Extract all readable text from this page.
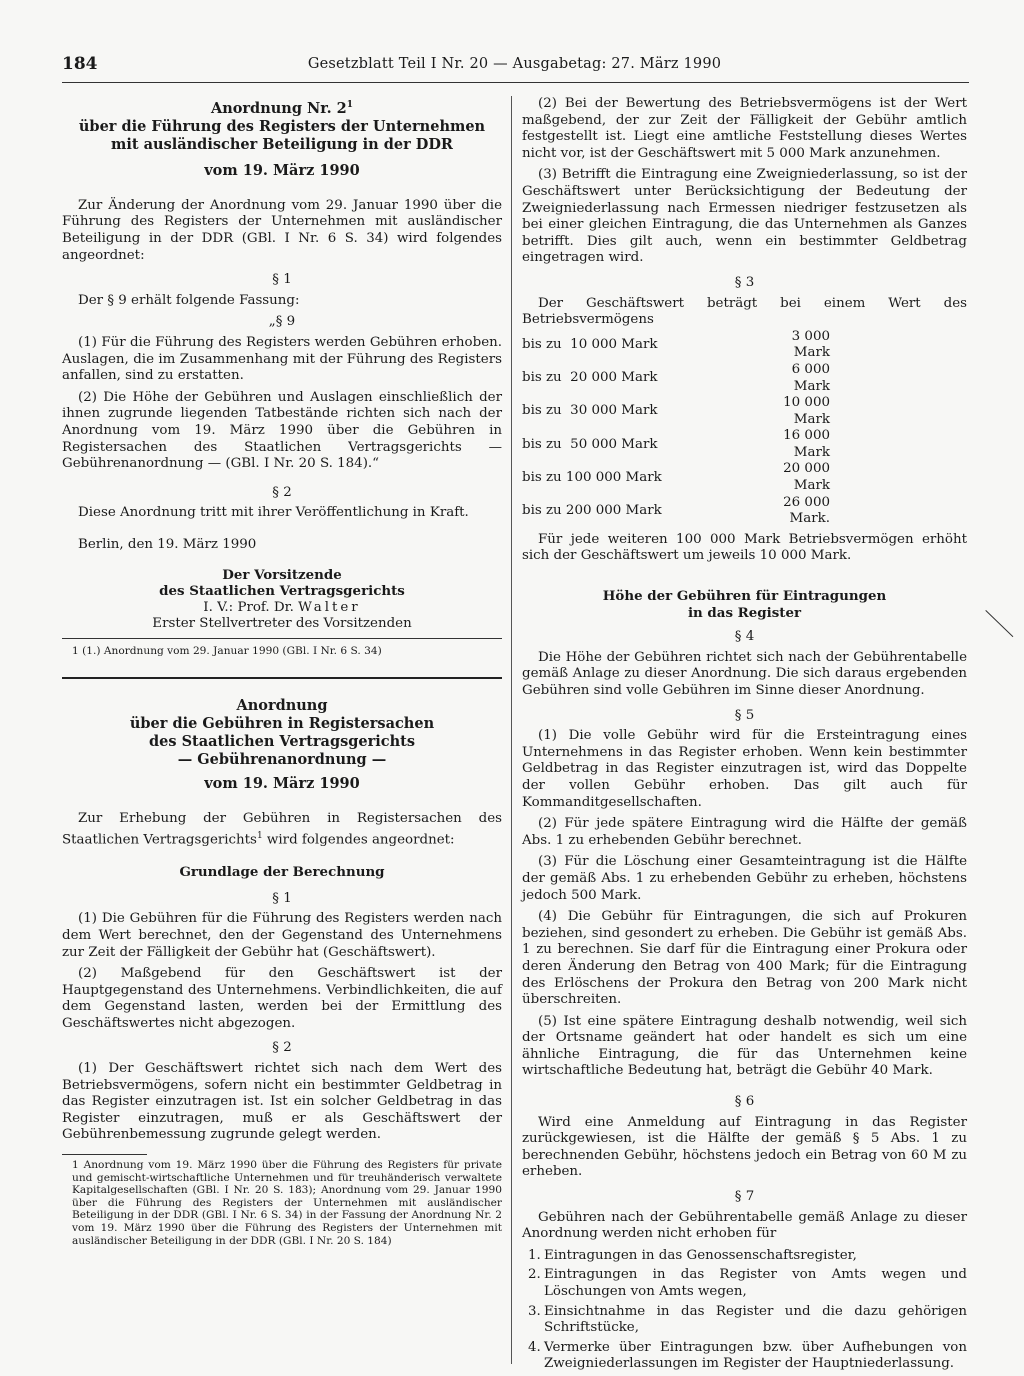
184	Gesetzblatt Teil I Nr. 20 — Ausgabetag: 27. März 1990

Anordnung Nr. $2^1$

über die Führung des Registers der Unternehmen

mit ausländischer Beteiligung in der DDR

vom 19. März 1990

Zur Änderung der Anordnung vom 29. Januar 1990 über die Führung des Registers der Unternehmen mit ausländischer Beteiligung in der DDR (GBl. I Nr. 6 S. 34) wird folgendes angeordnet:

§ 1

Der § 9 erhält folgende Fassung:

„§ 9

(1) Für die Führung des Registers werden Gebühren erhoben. Auslagen, die im Zusammenhang mit der Führung des Registers anfallen, sind zu erstatten.

(2) Die Höhe der Gebühren und Auslagen einschließlich der ihnen zugrunde liegenden Tatbestände richten sich nach der Anordnung vom 19. März 1990 über die Gebühren in Registersachen des Staatlichen Vertragsgerichts — Gebührenanordnung — (GBl. I Nr. 20 S. 184).“

§ 2

Diese Anordnung tritt mit ihrer Veröffentlichung in Kraft.

Berlin, den 19. März 1990

Der Vorsitzende

des Staatlichen Vertragsgerichts

I. V.: Prof. Dr. Walter

Erster Stellvertreter des Vorsitzenden

1 (1.) Anordnung vom 29. Januar 1990 (GBl. I Nr. 6 S. 34)

Anordnung

über die Gebühren in Registersachen

des Staatlichen Vertragsgerichts

— Gebührenanordnung —

vom 19. März 1990

Zur Erhebung der Gebühren in Registersachen des Staatlichen Vertragsgerichts$^1$ wird folgendes angeordnet:

Grundlage der Berechnung

§ 1

(1) Die Gebühren für die Führung des Registers werden nach dem Wert berechnet, den der Gegenstand des Unternehmens zur Zeit der Fälligkeit der Gebühr hat (Geschäftswert).

(2) Maßgebend für den Geschäftswert ist der Hauptgegenstand des Unternehmens. Verbindlichkeiten, die auf dem Gegenstand lasten, werden bei der Ermittlung des Geschäftswertes nicht abgezogen.

§ 2

(1) Der Geschäftswert richtet sich nach dem Wert des Betriebsvermögens, sofern nicht ein bestimmter Geldbetrag in das Register einzutragen ist. Ist ein solcher Geldbetrag in das Register einzutragen, muß er als Geschäftswert der Gebührenbemessung zugrunde gelegt werden.

1 Anordnung vom 19. März 1990 über die Führung des Registers für private und gemischt-wirtschaftliche Unternehmen und für treuhänderisch verwaltete Kapitalgesellschaften (GBl. I Nr. 20 S. 183); Anordnung vom 29. Januar 1990 über die Führung des Registers der Unternehmen mit ausländischer Beteiligung in der DDR (GBl. I Nr. 6 S. 34) in der Fassung der Anordnung Nr. 2 vom 19. März 1990 über die Führung des Registers der Unternehmen mit ausländischer Beteiligung in der DDR (GBl. I Nr. 20 S. 184)

(2) Bei der Bewertung des Betriebsvermögens ist der Wert maßgebend, der zur Zeit der Fälligkeit der Gebühr amtlich festgestellt ist. Liegt eine amtliche Feststellung dieses Wertes nicht vor, ist der Geschäftswert mit 5 000 Mark anzunehmen.

(3) Betrifft die Eintragung eine Zweigniederlassung, so ist der Geschäftswert unter Berücksichtigung der Bedeutung der Zweigniederlassung nach Ermessen niedriger festzusetzen als bei einer gleichen Eintragung, die das Unternehmen als Ganzes betrifft. Dies gilt auch, wenn ein bestimmter Geldbetrag eingetragen wird.

§ 3

Der Geschäftswert beträgt bei einem Wert des Betriebsvermögens

bis zu  10 000 Mark	3 000 Mark
bis zu  20 000 Mark	6 000 Mark
bis zu  30 000 Mark	10 000 Mark
bis zu  50 000 Mark	16 000 Mark
bis zu 100 000 Mark	20 000 Mark
bis zu 200 000 Mark	26 000 Mark.

Für jede weiteren 100 000 Mark Betriebsvermögen erhöht sich der Geschäftswert um jeweils 10 000 Mark.

Höhe der Gebühren für Eintragungen

in das Register

§ 4

Die Höhe der Gebühren richtet sich nach der Gebührentabelle gemäß Anlage zu dieser Anordnung. Die sich daraus ergebenden Gebühren sind volle Gebühren im Sinne dieser Anordnung.

§ 5

(1) Die volle Gebühr wird für die Ersteintragung eines Unternehmens in das Register erhoben. Wenn kein bestimmter Geldbetrag in das Register einzutragen ist, wird das Doppelte der vollen Gebühr erhoben. Das gilt auch für Kommanditgesellschaften.

(2) Für jede spätere Eintragung wird die Hälfte der gemäß Abs. 1 zu erhebenden Gebühr berechnet.

(3) Für die Löschung einer Gesamteintragung ist die Hälfte der gemäß Abs. 1 zu erhebenden Gebühr zu erheben, höchstens jedoch 500 Mark.

(4) Die Gebühr für Eintragungen, die sich auf Prokuren beziehen, sind gesondert zu erheben. Die Gebühr ist gemäß Abs. 1 zu berechnen. Sie darf für die Eintragung einer Prokura oder deren Änderung den Betrag von 400 Mark; für die Eintragung des Erlöschens der Prokura den Betrag von 200 Mark nicht überschreiten.

(5) Ist eine spätere Eintragung deshalb notwendig, weil sich der Ortsname geändert hat oder handelt es sich um eine ähnliche Eintragung, die für das Unternehmen keine wirtschaftliche Bedeutung hat, beträgt die Gebühr 40 Mark.

§ 6

Wird eine Anmeldung auf Eintragung in das Register zurückgewiesen, ist die Hälfte der gemäß § 5 Abs. 1 zu berechnenden Gebühr, höchstens jedoch ein Betrag von 60 M zu erheben.

§ 7

Gebühren nach der Gebührentabelle gemäß Anlage zu dieser Anordnung werden nicht erhoben für

1. Eintragungen in das Genossenschaftsregister,
2. Eintragungen in das Register von Amts wegen und Löschungen von Amts wegen,
3. Einsichtnahme in das Register und die dazu gehörigen Schriftstücke,
4. Vermerke über Eintragungen bzw. über Aufhebungen von Zweigniederlassungen im Register der Hauptniederlassung.
